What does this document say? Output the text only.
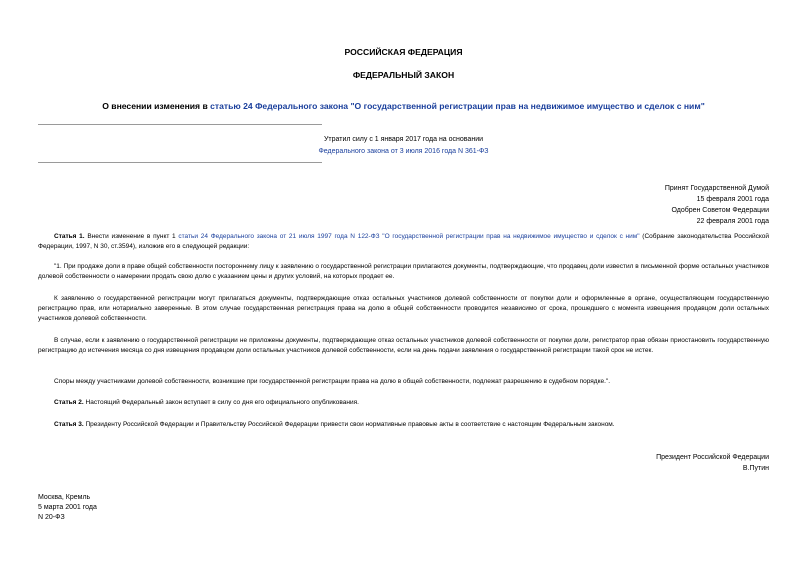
РОССИЙСКАЯ ФЕДЕРАЦИЯ
ФЕДЕРАЛЬНЫЙ ЗАКОН
О внесении изменения в статью 24 Федерального закона "О государственной регистрации прав на недвижимое имущество и сделок с ним"
Утратил силу с 1 января 2017 года на основании
Федерального закона от 3 июля 2016 года N 361-ФЗ
Принят Государственной Думой
15 февраля 2001 года
Одобрен Советом Федерации
22 февраля 2001 года

Статья 1. Внести изменение в пункт 1 статьи 24 Федерального закона от 21 июля 1997 года N 122-ФЗ "О государственной регистрации прав на недвижимое имущество и сделок с ним" (Собрание законодательства Российской Федерации, 1997, N 30, ст.3594), изложив его в следующей редакции:

"1. При продаже доли в праве общей собственности постороннему лицу к заявлению о государственной регистрации прилагаются документы, подтверждающие, что продавец доли известил в письменной форме остальных участников долевой собственности о намерении продать свою долю с указанием цены и других условий, на которых продает ее.

К заявлению о государственной регистрации могут прилагаться документы, подтверждающие отказ остальных участников долевой собственности от покупки доли и оформленные в органе, осуществляющем государственную регистрацию прав, или нотариально заверенные. В этом случае государственная регистрация права на долю в общей собственности проводится независимо от срока, прошедшего с момента извещения продавцом доли остальных участников долевой собственности.

В случае, если к заявлению о государственной регистрации не приложены документы, подтверждающие отказ остальных участников долевой собственности от покупки доли, регистратор прав обязан приостановить государственную регистрацию до истечения месяца со дня извещения продавцом доли остальных участников долевой собственности, если на день подачи заявления о государственной регистрации такой срок не истек.

Споры между участниками долевой собственности, возникшие при государственной регистрации права на долю в общей собственности, подлежат разрешению в судебном порядке.".

Статья 2. Настоящий Федеральный закон вступает в силу со дня его официального опубликования.

Статья 3. Президенту Российской Федерации и Правительству Российской Федерации привести свои нормативные правовые акты в соответствие с настоящим Федеральным законом.

Президент Российской Федерации
В.Путин
Москва, Кремль
5 марта 2001 года
N 20-ФЗ
